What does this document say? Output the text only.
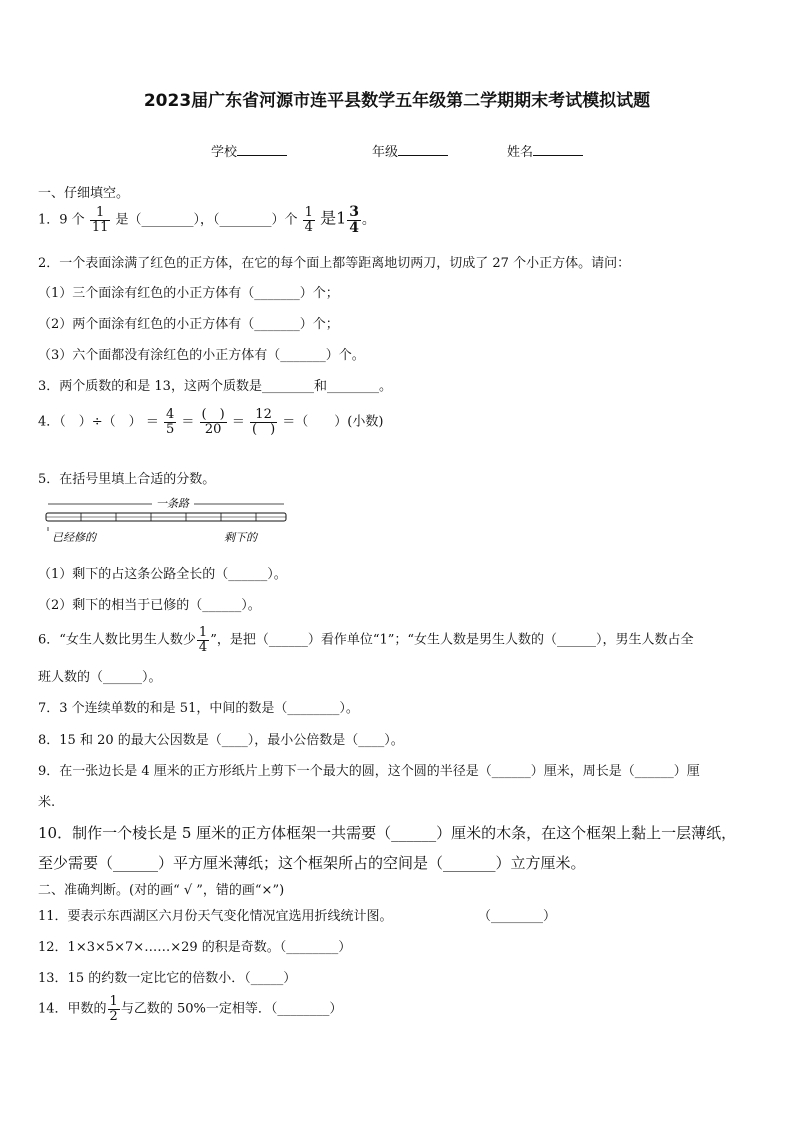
2023届广东省河源市连平县数学五年级第二学期期末考试模拟试题
学校	年级	姓名
一、仔细填空。
1．9 个 $\frac{1}{11}$ 是（________），（________）个 $\frac{1}{4}$ 是$1 \frac{3}{4}$ 。
2．一个表面涂满了红色的正方体，在它的每个面上都等距离地切两刀，切成了 27 个小正方体。请问：
（1）三个面涂有红色的小正方体有（_______）个；
（2）两个面涂有红色的小正方体有（_______）个；
（3）六个面都没有涂红色的小正方体有（_______）个。
3．两个质数的和是 13，这两个质数是________和________。
4．（　）÷（　） ＝ $\frac{4}{5} = \frac{( )}{20} = \frac{12}{( )}$ ＝（　　）(小数)
5．在括号里填上合适的分数。
一条路
已经修的	剩下的
（1）剩下的占这条公路全长的（______）。
（2）剩下的相当于已修的（______）。
6．“女生人数比男生人数少 $\frac{1}{4}$ ”，是把（______）看作单位“1”；“女生人数是男生人数的（______），男生人数占全
班人数的（______）。
7．3 个连续单数的和是 51，中间的数是（________）。
8．15 和 20 的最大公因数是（____），最小公倍数是（____）。
9．在一张边长是 4 厘米的正方形纸片上剪下一个最大的圆，这个圆的半径是（______）厘米，周长是（______）厘
米.
10．制作一个棱长是 5 厘米的正方体框架一共需要（______）厘米的木条，在这个框架上黏上一层薄纸，
至少需要（______）平方厘米薄纸；这个框架所占的空间是（_______）立方厘米。
二、准确判断。(对的画“ √ ”，错的画“×”)
11．要表示东西湖区六月份天气变化情况宜选用折线统计图。	（________）
12．1×3×5×7×……×29 的积是奇数。（________）
13．15 的约数一定比它的倍数小．（_____）
14．甲数的 $\frac{1}{2}$ 与乙数的 50%一定相等．（________）
